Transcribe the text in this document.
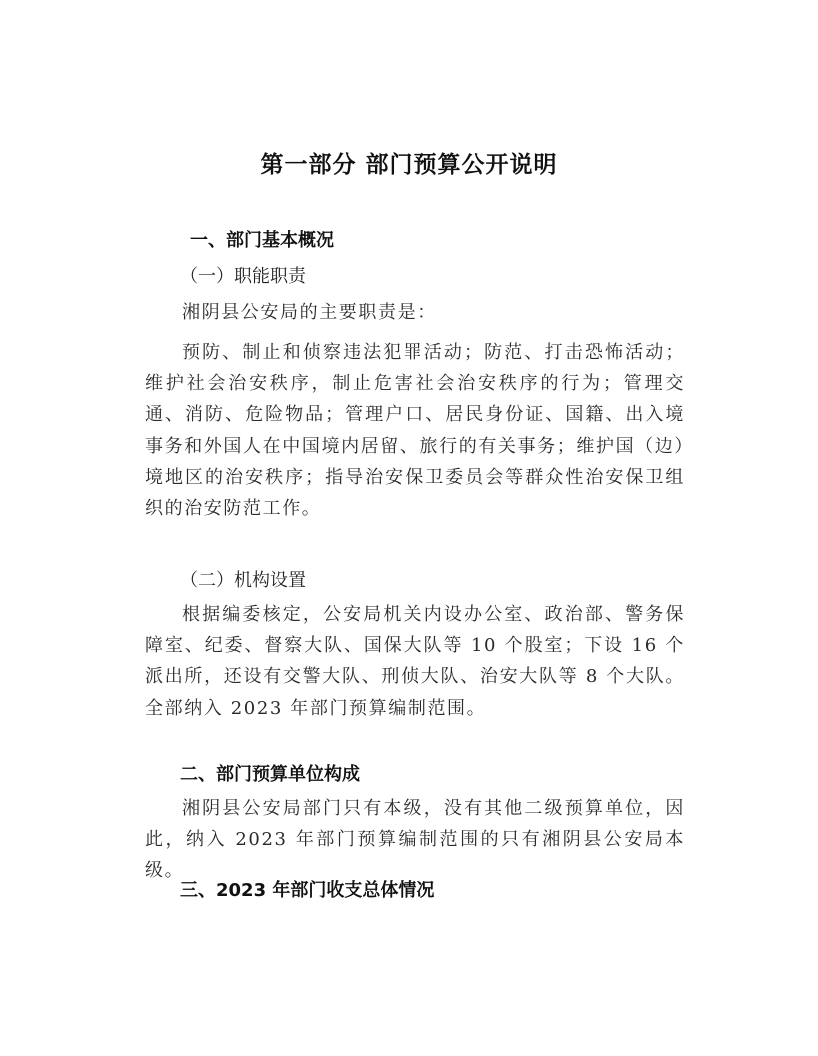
第一部分 部门预算公开说明
一、部门基本概况
（一）职能职责

湘阴县公安局的主要职责是：

预防、制止和侦察违法犯罪活动；防范、打击恐怖活动；维护社会治安秩序，制止危害社会治安秩序的行为；管理交通、消防、危险物品；管理户口、居民身份证、国籍、出入境事务和外国人在中国境内居留、旅行的有关事务；维护国（边）境地区的治安秩序；指导治安保卫委员会等群众性治安保卫组织的治安防范工作。

（二）机构设置

根据编委核定，公安局机关内设办公室、政治部、警务保障室、纪委、督察大队、国保大队等 10 个股室；下设 16 个派出所，还设有交警大队、刑侦大队、治安大队等 8 个大队。全部纳入 2023 年部门预算编制范围。

二、部门预算单位构成

湘阴县公安局部门只有本级，没有其他二级预算单位，因此，纳入 2023 年部门预算编制范围的只有湘阴县公安局本级。

三、2023 年部门收支总体情况
